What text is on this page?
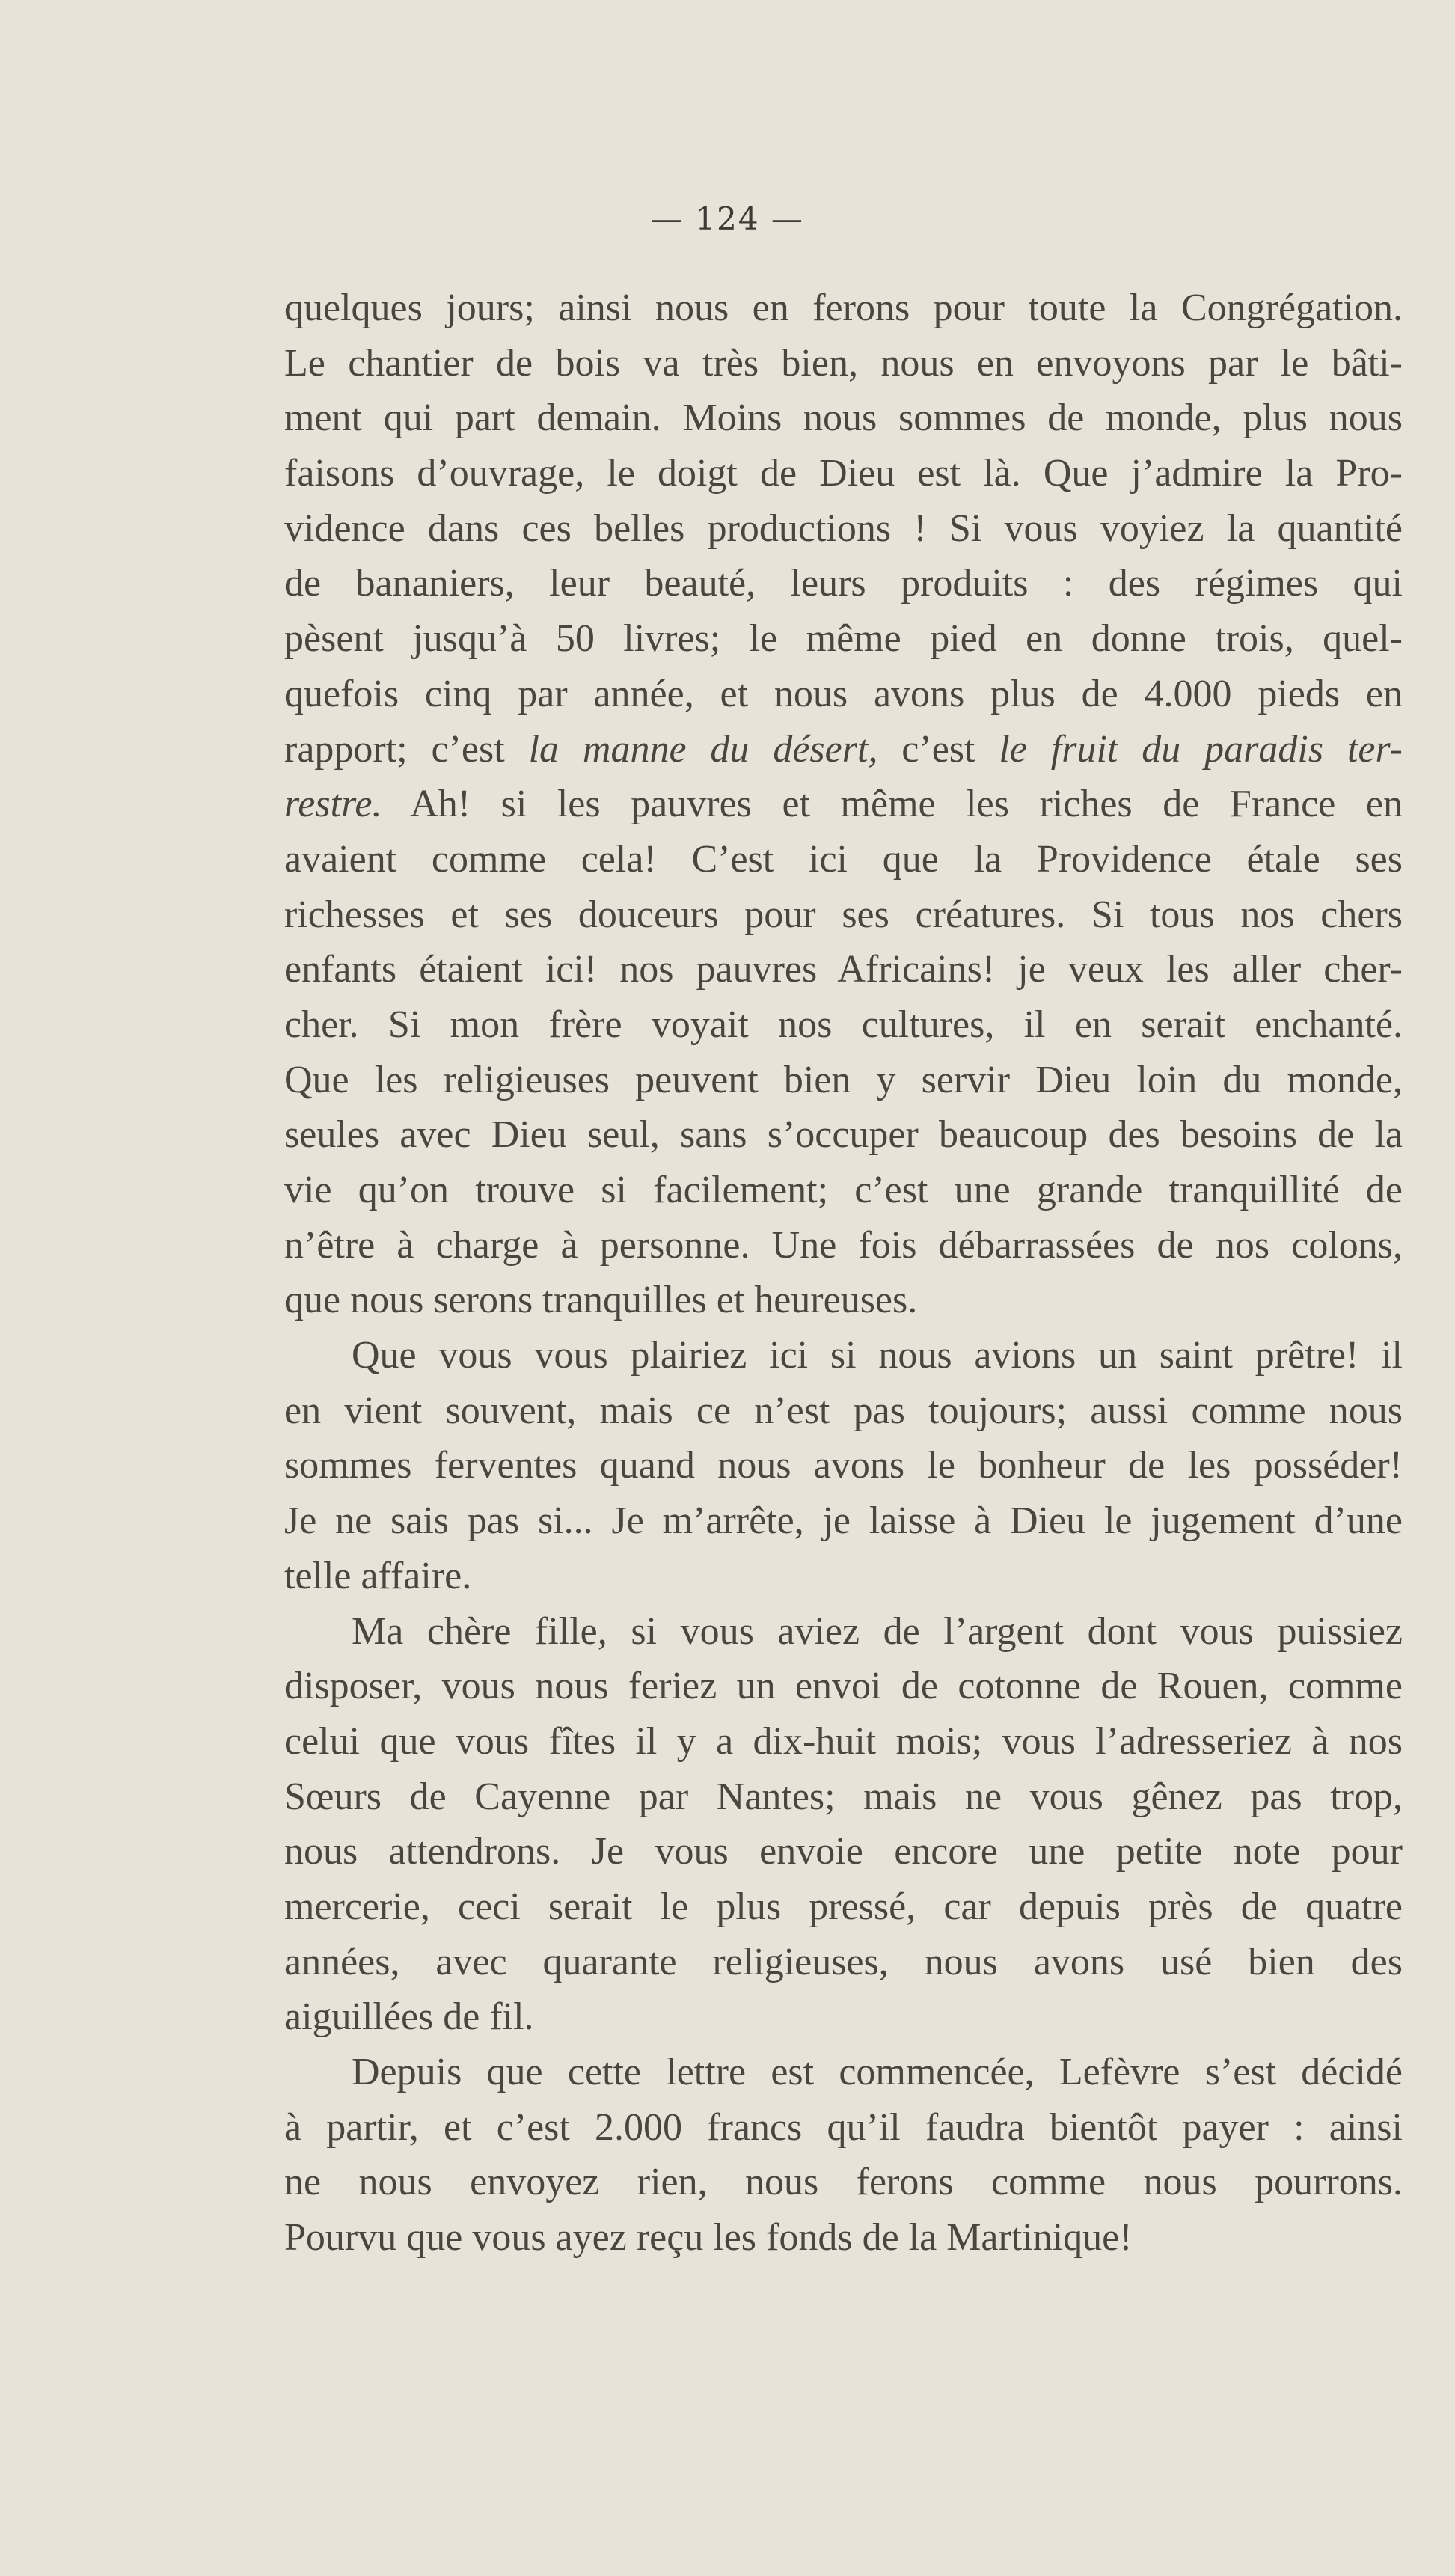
— 124 —
quelques jours; ainsi nous en ferons pour toute la Congrégation.
Le chantier de bois va très bien, nous en envoyons par le bâti-
ment qui part demain. Moins nous sommes de monde, plus nous
faisons d’ouvrage, le doigt de Dieu est là. Que j’admire la Pro-
vidence dans ces belles productions ! Si vous voyiez la quantité
de bananiers, leur beauté, leurs produits : des régimes qui
pèsent jusqu’à 50 livres; le même pied en donne trois, quel-
quefois cinq par année, et nous avons plus de 4.000 pieds en
rapport; c’est la manne du désert, c’est le fruit du paradis ter-
restre. Ah! si les pauvres et même les riches de France en
avaient comme cela! C’est ici que la Providence étale ses
richesses et ses douceurs pour ses créatures. Si tous nos chers
enfants étaient ici! nos pauvres Africains! je veux les aller cher-
cher. Si mon frère voyait nos cultures, il en serait enchanté.
Que les religieuses peuvent bien y servir Dieu loin du monde,
seules avec Dieu seul, sans s’occuper beaucoup des besoins de la
vie qu’on trouve si facilement; c’est une grande tranquillité de
n’être à charge à personne. Une fois débarrassées de nos colons,
que nous serons tranquilles et heureuses.
Que vous vous plairiez ici si nous avions un saint prêtre! il
en vient souvent, mais ce n’est pas toujours; aussi comme nous
sommes ferventes quand nous avons le bonheur de les posséder!
Je ne sais pas si... Je m’arrête, je laisse à Dieu le jugement d’une
telle affaire.
Ma chère fille, si vous aviez de l’argent dont vous puissiez
disposer, vous nous feriez un envoi de cotonne de Rouen, comme
celui que vous fîtes il y a dix-huit mois; vous l’adresseriez à nos
Sœurs de Cayenne par Nantes; mais ne vous gênez pas trop,
nous attendrons. Je vous envoie encore une petite note pour
mercerie, ceci serait le plus pressé, car depuis près de quatre
années, avec quarante religieuses, nous avons usé bien des
aiguillées de fil.
Depuis que cette lettre est commencée, Lefèvre s’est décidé
à partir, et c’est 2.000 francs qu’il faudra bientôt payer : ainsi
ne nous envoyez rien, nous ferons comme nous pourrons.
Pourvu que vous ayez reçu les fonds de la Martinique!
